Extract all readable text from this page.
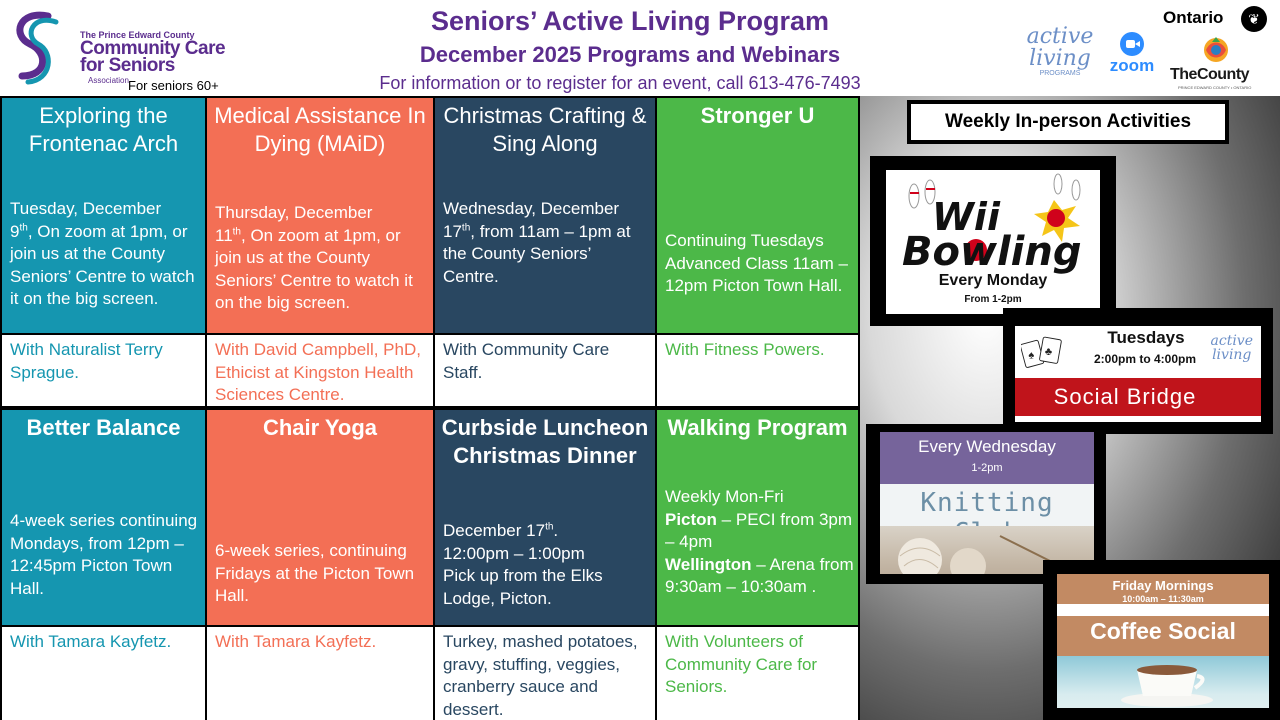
The Prince Edward County
Community Care
for Seniors
Association For seniors 60+
Seniors’ Active Living Program
December 2025 Programs and Webinars
For information or to register for an event, call 613-476-7493
active
living
PROGRAMS	zoom
Ontario	❦
TheCounty
PRINCE EDWARD COUNTY • ONTARIO
Exploring the Frontenac Arch
Tuesday, December
9th, On zoom at 1pm, or join us at the County Seniors’ Centre to watch it on the big screen.
With Naturalist Terry Sprague.
Medical Assistance In Dying (MAiD)
Thursday, December
11th, On zoom at 1pm, or join us at the County Seniors’ Centre to watch it on the big screen.
With David Campbell, PhD, Ethicist at Kingston Health Sciences Centre.
Christmas Crafting & Sing Along
Wednesday, December
17th, from 11am – 1pm at the County Seniors’ Centre.
With Community Care Staff.
Stronger U
Continuing Tuesdays Advanced Class 11am – 12pm Picton Town Hall.
With Fitness Powers.
Better Balance
4-week series continuing Mondays, from 12pm – 12:45pm Picton Town Hall.
With Tamara Kayfetz.
Chair Yoga
6-week series, continuing Fridays at the Picton Town Hall.
With Tamara Kayfetz.
Curbside Luncheon Christmas Dinner
December 17th.
12:00pm – 1:00pm
Pick up from the Elks Lodge, Picton.
Turkey, mashed potatoes, gravy, stuffing, veggies, cranberry sauce and dessert.
Walking Program
Weekly Mon-Fri
Picton – PECI from 3pm – 4pm
Wellington – Arena from 9:30am – 10:30am .
With Volunteers of Community Care for Seniors.
Weekly In-person Activities
Wii
Bowling
Every Monday
From 1-2pm
♠ ♣
Tuesdays
2:00pm to 4:00pm
active
living
Social Bridge
Every Wednesday
1-2pm
Knitting
Friday Mornings
10:00am – 11:30am
Coffee Social
